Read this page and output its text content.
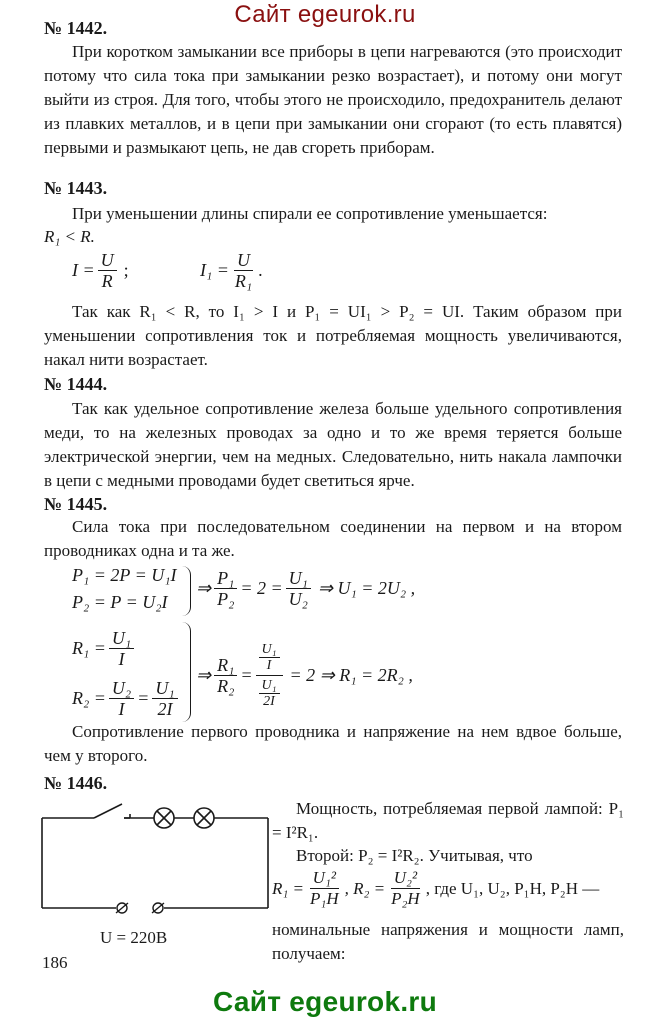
Сайт egeurok.ru
№ 1442.

При коротком замыкании все приборы в цепи нагреваются (это происходит потому что сила тока при замыкании резко возрастает), и потому они могут выйти из строя. Для того, чтобы этого не происходило, предохранитель делают из плавких металлов, и в цепи при замыкании они сгорают (то есть плавятся) первыми и размыкают цепь, не дав сгореть приборам.

№ 1443.

При уменьшении длины спирали ее сопротивление уменьшается:

R₁ < R.

$I = \frac{U}{R}$ ;	$I_1 = \frac{U}{\text{R₁}}$ .

Так как R₁ < R, то I₁ > I и P₁ = UI₁ > P₂ = UI. Таким образом при уменьшении сопротивления ток и потребляемая мощность увеличиваются, накал нити возрастает.

№ 1444.

Так как удельное сопротивление железа больше удельного сопротивления меди, то на железных проводах за одно и то же время теряется больше электрической энергии, чем на медных. Следовательно, нить накала лампочки в цепи с медными проводами будет светиться ярче.

№ 1445.

Сила тока при последовательном соединении на первом и на втором проводниках одна и та же.

P₁ = 2P = U₁I
P₂ = P = U₂I
⇒ $\frac{\text{P₁}}{\text{P₂}} = 2 = \frac{\text{U₁}}{\text{U₂}}$ ⇒ U₁ = 2U₂ ,
$R_1 = \frac{\text{U₁}}{I}$
$R_2 = \frac{\text{U₂}}{I} = \frac{\text{U₁}}{2I}$
⇒ $\frac{\text{R₁}}{\text{R₂}} = \frac{\frac{\text{U₁}}{I}}{\frac{\text{U₁}}{2I}} = 2$ ⇒ R₁ = 2R₂ ,

Сопротивление первого проводника и напряжение на нем вдвое больше, чем у второго.

№ 1446.
U = 220В

Мощность, потребляемая первой лампой: P₁ = I²R₁.

Второй: P₂ = I²R₂. Учитывая, что

$R_1 = \frac{\text{U₁²}}{\text{P₁Н}}$ , $R_2 = \frac{\text{U₂²}}{\text{P₂Н}}$ , где U₁, U₂, P₁Н, P₂Н —

номинальные напряжения и мощности ламп, получаем:

186
Сайт egeurok.ru
